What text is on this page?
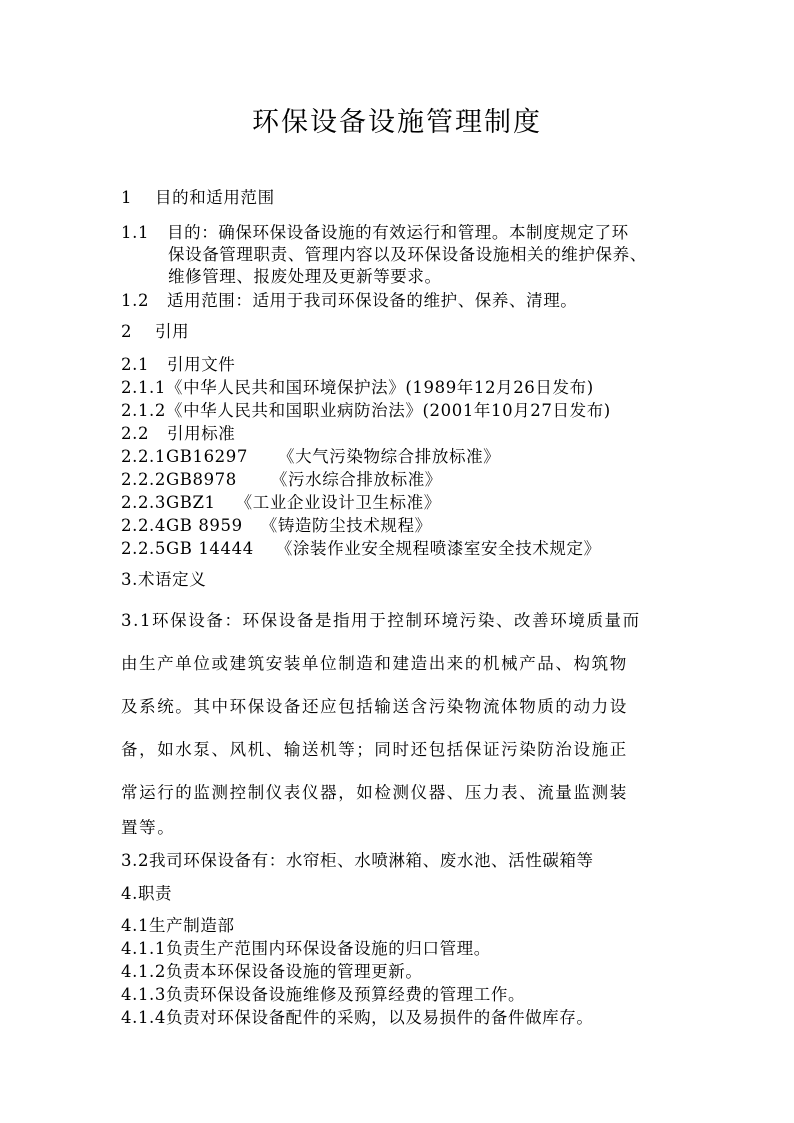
环保设备设施管理制度
1 目的和适用范围
1.1 目的：确保环保设备设施的有效运行和管理。本制度规定了环
保设备管理职责、管理内容以及环保设备设施相关的维护保养、
维修管理、报废处理及更新等要求。
1.2 适用范围：适用于我司环保设备的维护、保养、清理。
2 引用
2.1 引用文件
2.1.1《中华人民共和国环境保护法》(1989年12月26日发布)
2.1.2《中华人民共和国职业病防治法》(2001年10月27日发布)
2.2 引用标准
2.2.1GB16297 《大气污染物综合排放标准》
2.2.2GB8978 《污水综合排放标准》
2.2.3GBZ1 《工业企业设计卫生标准》
2.2.4GB 8959 《铸造防尘技术规程》
2.2.5GB 14444 《涂装作业安全规程喷漆室安全技术规定》
3.术语定义
3.1环保设备：环保设备是指用于控制环境污染、改善环境质量而
由生产单位或建筑安装单位制造和建造出来的机械产品、构筑物
及系统。其中环保设备还应包括输送含污染物流体物质的动力设
备，如水泵、风机、输送机等；同时还包括保证污染防治设施正
常运行的监测控制仪表仪器，如检测仪器、压力表、流量监测装
置等。
3.2我司环保设备有：水帘柜、水喷淋箱、废水池、活性碳箱等
4.职责
4.1生产制造部
4.1.1负责生产范围内环保设备设施的归口管理。
4.1.2负责本环保设备设施的管理更新。
4.1.3负责环保设备设施维修及预算经费的管理工作。
4.1.4负责对环保设备配件的采购，以及易损件的备件做库存。
